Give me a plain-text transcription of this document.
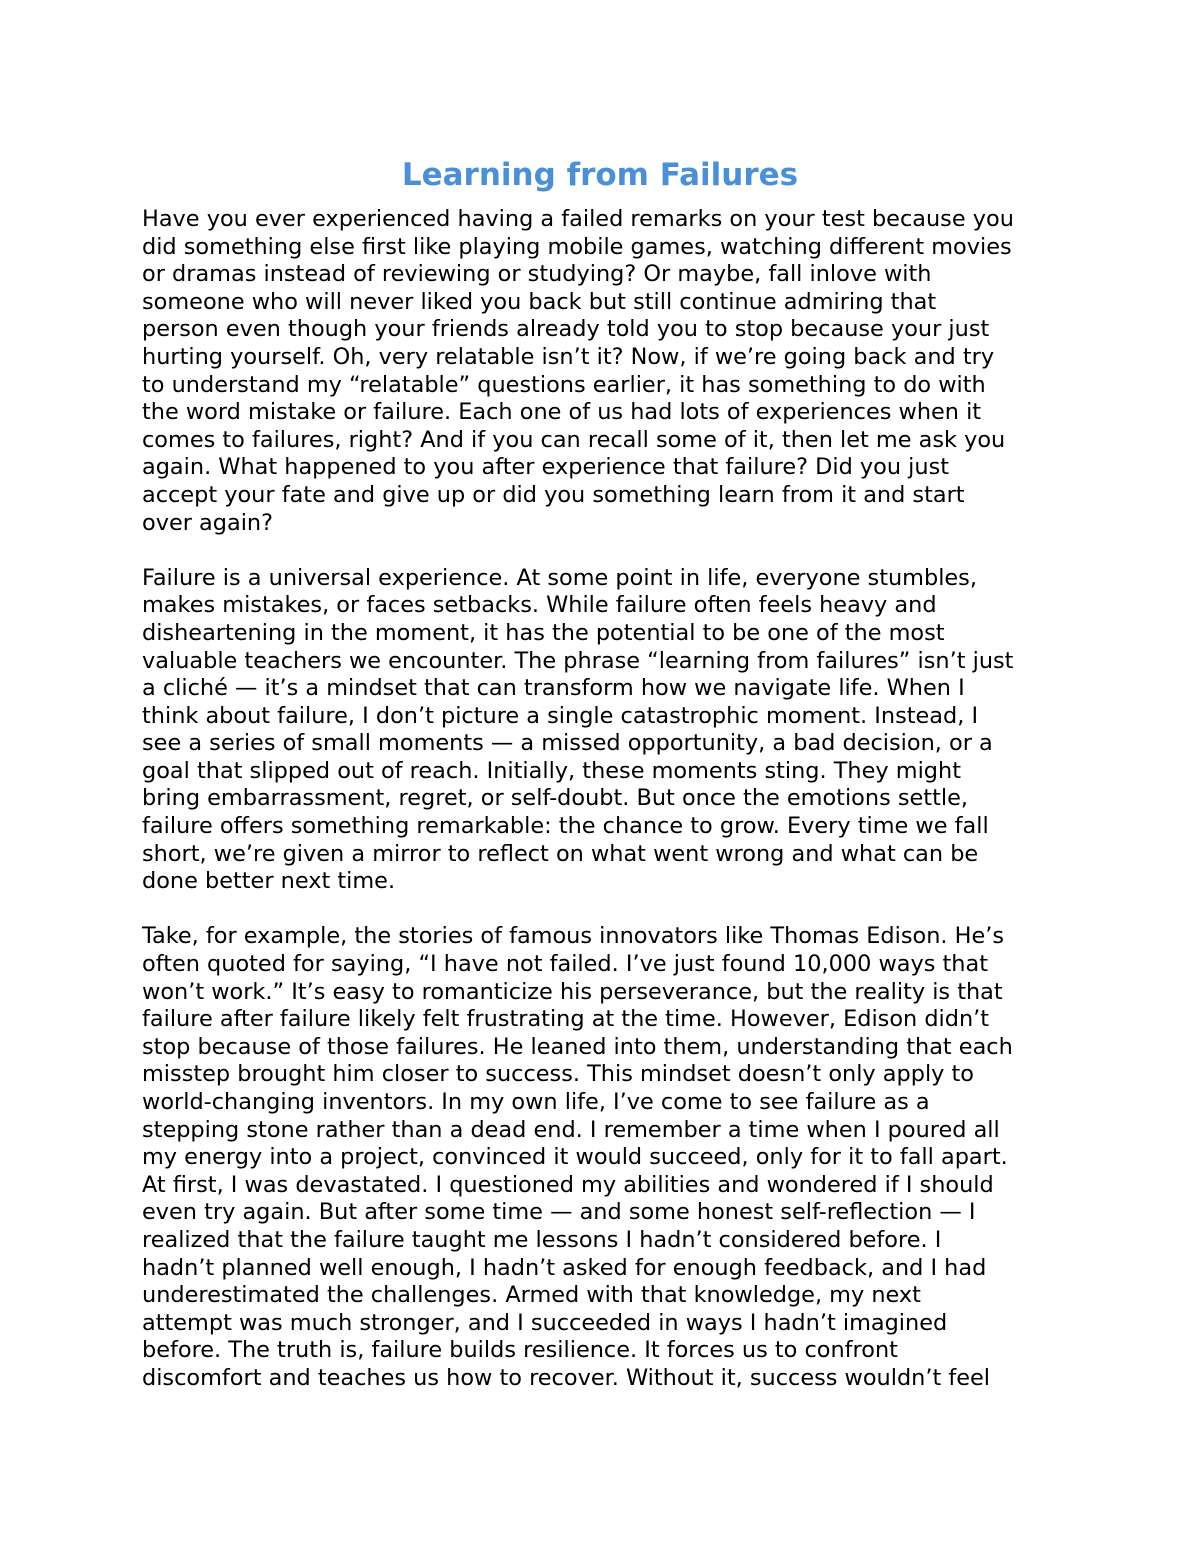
Learning from Failures

Have you ever experienced having a failed remarks on your test because you
did something else first like playing mobile games, watching different movies
or dramas instead of reviewing or studying? Or maybe, fall inlove with
someone who will never liked you back but still continue admiring that
person even though your friends already told you to stop because your just
hurting yourself. Oh, very relatable isn’t it? Now, if we’re going back and try
to understand my “relatable” questions earlier, it has something to do with
the word mistake or failure. Each one of us had lots of experiences when it
comes to failures, right? And if you can recall some of it, then let me ask you
again. What happened to you after experience that failure? Did you just
accept your fate and give up or did you something learn from it and start
over again?

Failure is a universal experience. At some point in life, everyone stumbles,
makes mistakes, or faces setbacks. While failure often feels heavy and
disheartening in the moment, it has the potential to be one of the most
valuable teachers we encounter. The phrase “learning from failures” isn’t just
a cliché — it’s a mindset that can transform how we navigate life. When I
think about failure, I don’t picture a single catastrophic moment. Instead, I
see a series of small moments — a missed opportunity, a bad decision, or a
goal that slipped out of reach. Initially, these moments sting. They might
bring embarrassment, regret, or self-doubt. But once the emotions settle,
failure offers something remarkable: the chance to grow. Every time we fall
short, we’re given a mirror to reflect on what went wrong and what can be
done better next time.

Take, for example, the stories of famous innovators like Thomas Edison. He’s
often quoted for saying, “I have not failed. I’ve just found 10,000 ways that
won’t work.” It’s easy to romanticize his perseverance, but the reality is that
failure after failure likely felt frustrating at the time. However, Edison didn’t
stop because of those failures. He leaned into them, understanding that each
misstep brought him closer to success. This mindset doesn’t only apply to
world-changing inventors. In my own life, I’ve come to see failure as a
stepping stone rather than a dead end. I remember a time when I poured all
my energy into a project, convinced it would succeed, only for it to fall apart.
At first, I was devastated. I questioned my abilities and wondered if I should
even try again. But after some time — and some honest self-reflection — I
realized that the failure taught me lessons I hadn’t considered before. I
hadn’t planned well enough, I hadn’t asked for enough feedback, and I had
underestimated the challenges. Armed with that knowledge, my next
attempt was much stronger, and I succeeded in ways I hadn’t imagined
before. The truth is, failure builds resilience. It forces us to confront
discomfort and teaches us how to recover. Without it, success wouldn’t feel
